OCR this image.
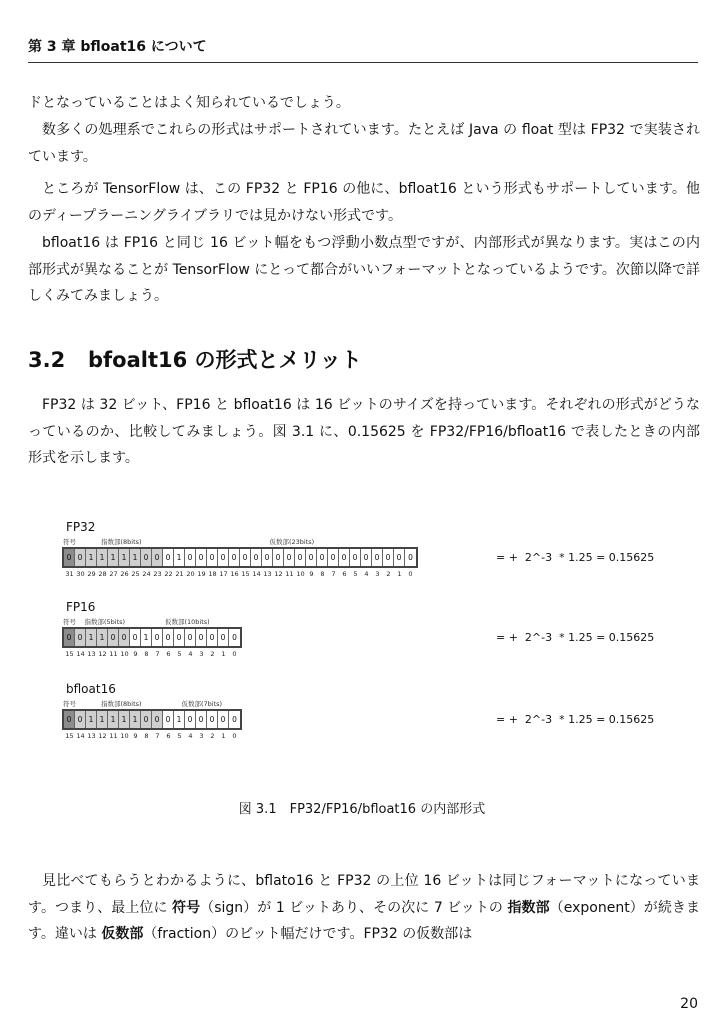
第 3 章 bfloat16 について

ドとなっていることはよく知られているでしょう。

数多くの処理系でこれらの形式はサポートされています。たとえば Java の float 型は FP32 で実装されています。

ところが TensorFlow は、この FP32 と FP16 の他に、bfloat16 という形式もサポートしています。他のディープラーニングライブラリでは見かけない形式です。

bfloat16 は FP16 と同じ 16 ビット幅をもつ浮動小数点型ですが、内部形式が異なります。実はこの内部形式が異なることが TensorFlow にとって都合がいいフォーマットとなっているようです。次節以降で詳しくみてみましょう。

3.2 bfoalt16 の形式とメリット

FP32 は 32 ビット、FP16 と bfloat16 は 16 ビットのサイズを持っています。それぞれの形式がどうなっているのか、比較してみましょう。図 3.1 に、0.15625 を FP32/FP16/bfloat16 で表したときの内部形式を示します。

FP32
符号	指数部(8bits)	仮数部(23bits)
0 0 1 1 1 1 1 0 0 0 1 0 0 0 0 0 0 0 0 0 0 0 0 0 0 0 0 0 0 0 0 0
31 30 29 28 27 26 25 24 23 22 21 20 19 18 17 16 15 14 13 12 11 10 9	8	7	6	5	4	3	2	1	0
= +  2^-3  * 1.25 = 0.15625
FP16
符号 指数部(5bits)	仮数部(10bits)
0 0 1 1 0 0 0 1 0 0 0 0 0 0 0 0
15 14 13 12 11 10 9	8	7	6	5	4	3	2	1	0
= +  2^-3  * 1.25 = 0.15625
bfloat16
符号	指数部(8bits)	仮数部(7bits)
0 0 1 1 1 1 1 0 0 0 1 0 0 0 0 0
15 14 13 12 11 10 9	8	7	6	5	4	3	2	1	0
= +  2^-3  * 1.25 = 0.15625
図 3.1　FP32/FP16/bfloat16 の内部形式

見比べてもらうとわかるように、bflato16 と FP32 の上位 16 ビットは同じフォーマットになっています。つまり、最上位に 符号（sign）が 1 ビットあり、その次に 7 ビットの 指数部（exponent）が続きます。違いは 仮数部（fraction）のビット幅だけです。FP32 の仮数部は

20
